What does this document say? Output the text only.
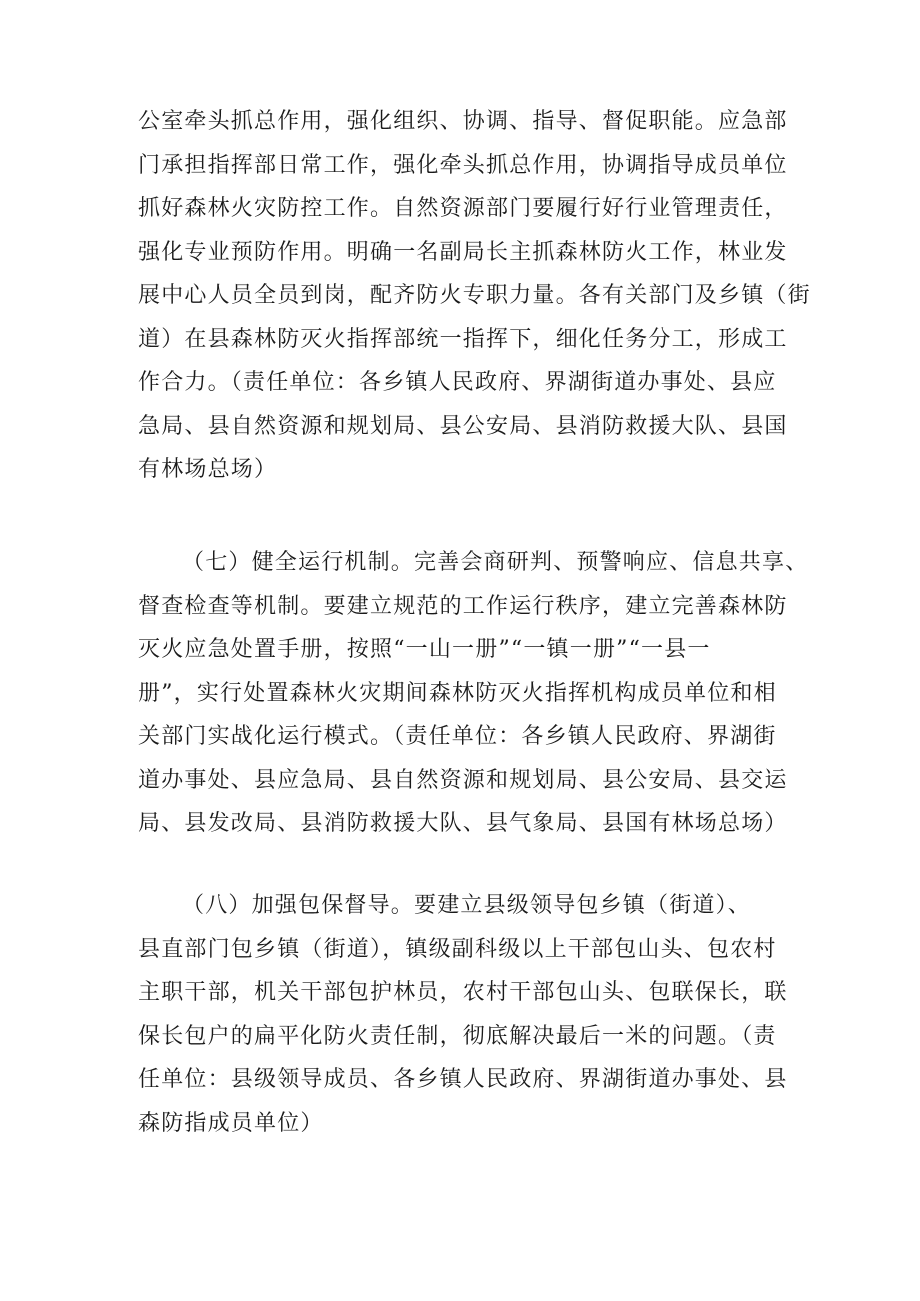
公室牵头抓总作用，强化组织、协调、指导、督促职能。应急部
门承担指挥部日常工作，强化牵头抓总作用，协调指导成员单位
抓好森林火灾防控工作。自然资源部门要履行好行业管理责任，
强化专业预防作用。明确一名副局长主抓森林防火工作，林业发
展中心人员全员到岗，配齐防火专职力量。各有关部门及乡镇（街
道）在县森林防灭火指挥部统一指挥下，细化任务分工，形成工
作合力。（责任单位：各乡镇人民政府、界湖街道办事处、县应
急局、县自然资源和规划局、县公安局、县消防救援大队、县国
有林场总场）
（七）健全运行机制。完善会商研判、预警响应、信息共享、
督查检查等机制。要建立规范的工作运行秩序，建立完善森林防
灭火应急处置手册，按照“一山一册”“一镇一册”“一县一
册”，实行处置森林火灾期间森林防灭火指挥机构成员单位和相
关部门实战化运行模式。（责任单位：各乡镇人民政府、界湖街
道办事处、县应急局、县自然资源和规划局、县公安局、县交运
局、县发改局、县消防救援大队、县气象局、县国有林场总场）
（八）加强包保督导。要建立县级领导包乡镇（街道）、
县直部门包乡镇（街道），镇级副科级以上干部包山头、包农村
主职干部，机关干部包护林员，农村干部包山头、包联保长，联
保长包户的扁平化防火责任制，彻底解决最后一米的问题。（责
任单位：县级领导成员、各乡镇人民政府、界湖街道办事处、县
森防指成员单位）
